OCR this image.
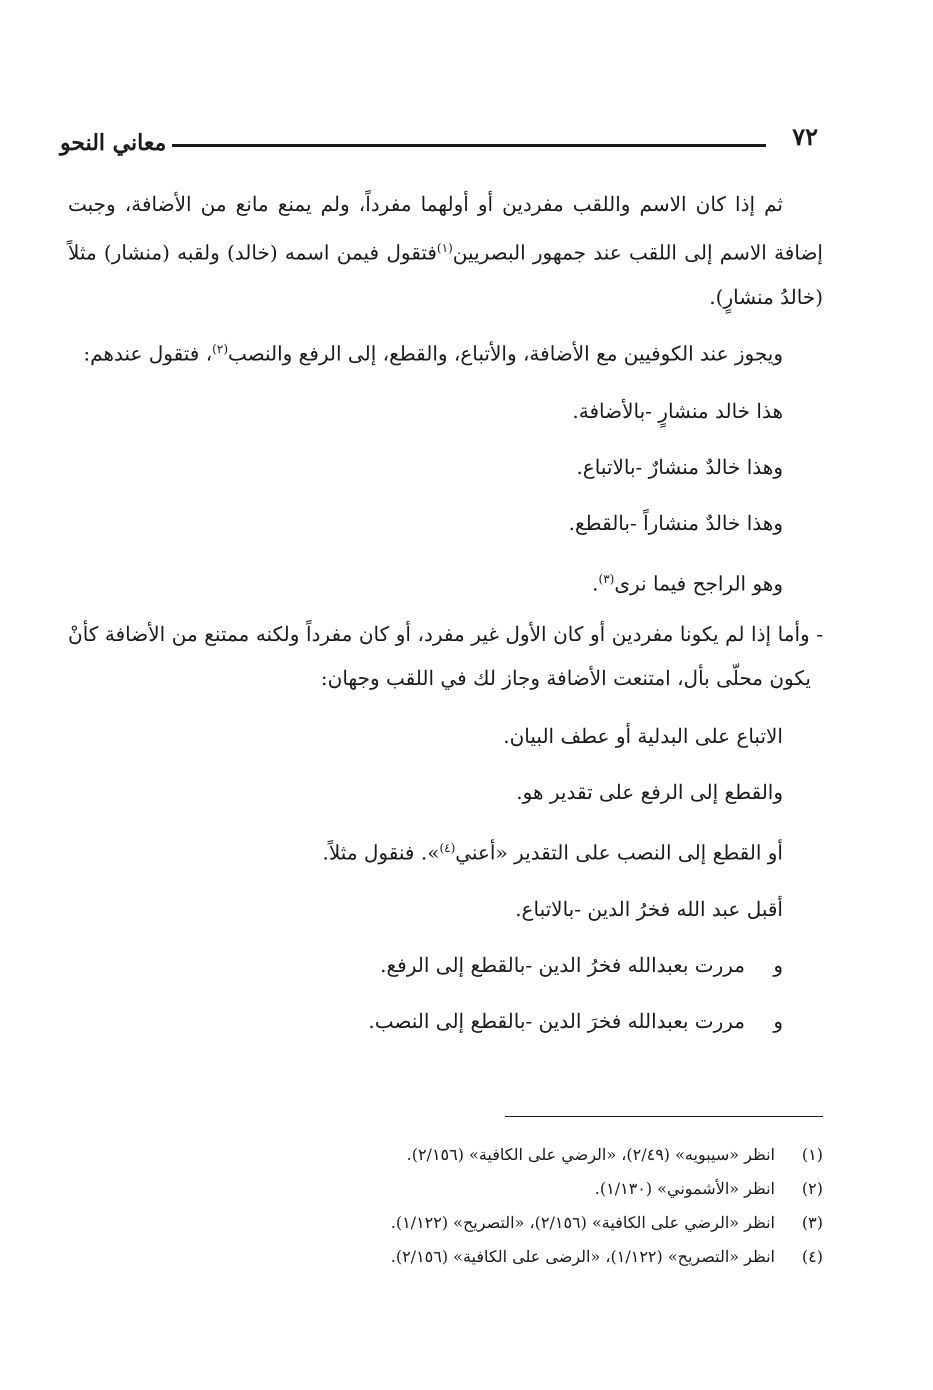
٧٢
معاني النحو

ثم إذا كان الاسم واللقب مفردين أو أولهما مفرداً، ولم يمنع مانع من الأضافة، وجبت إضافة الاسم إلى اللقب عند جمهور البصريين$^{(١)}$فتقول فيمن اسمه (خالد) ولقبه (منشار) مثلاً (خالدُ منشارٍ).

ويجوز عند الكوفيين مع الأضافة، والأتباع، والقطع، إلى الرفع والنصب$^{(٢)}$، فتقول عندهم:

هذا خالد منشارٍ -بالأضافة.

وهذا خالدٌ منشارٌ -بالاتباع.

وهذا خالدٌ منشاراً -بالقطع.

وهو الراجح فيما نرى$^{(٣)}$.

- وأما إذا لم يكونا مفردين أو كان الأول غير مفرد، أو كان مفرداً ولكنه ممتنع من الأضافة كأنْ يكون محلّى بأل، امتنعت الأضافة وجاز لك في اللقب وجهان:

الاتباع على البدلية أو عطف البيان.

والقطع إلى الرفع على تقدير هو.

أو القطع إلى النصب على التقدير «أعني$^{(٤)}$». فنقول مثلاً.

أقبل عبد الله فخرُ الدين -بالاتباع.

ومررت بعبدالله فخرُ الدين -بالقطع إلى الرفع.

ومررت بعبدالله فخرَ الدين -بالقطع إلى النصب.

(١)انظر «سيبويه» (٢/٤٩)، «الرضي على الكافية» (٢/١٥٦).

(٢)انظر «الأشموني» (١/١٣٠).

(٣)انظر «الرضي على الكافية» (٢/١٥٦)، «التصريح» (١/١٢٢).

(٤)انظر «التصريح» (١/١٢٢)، «الرضى على الكافية» (٢/١٥٦).
